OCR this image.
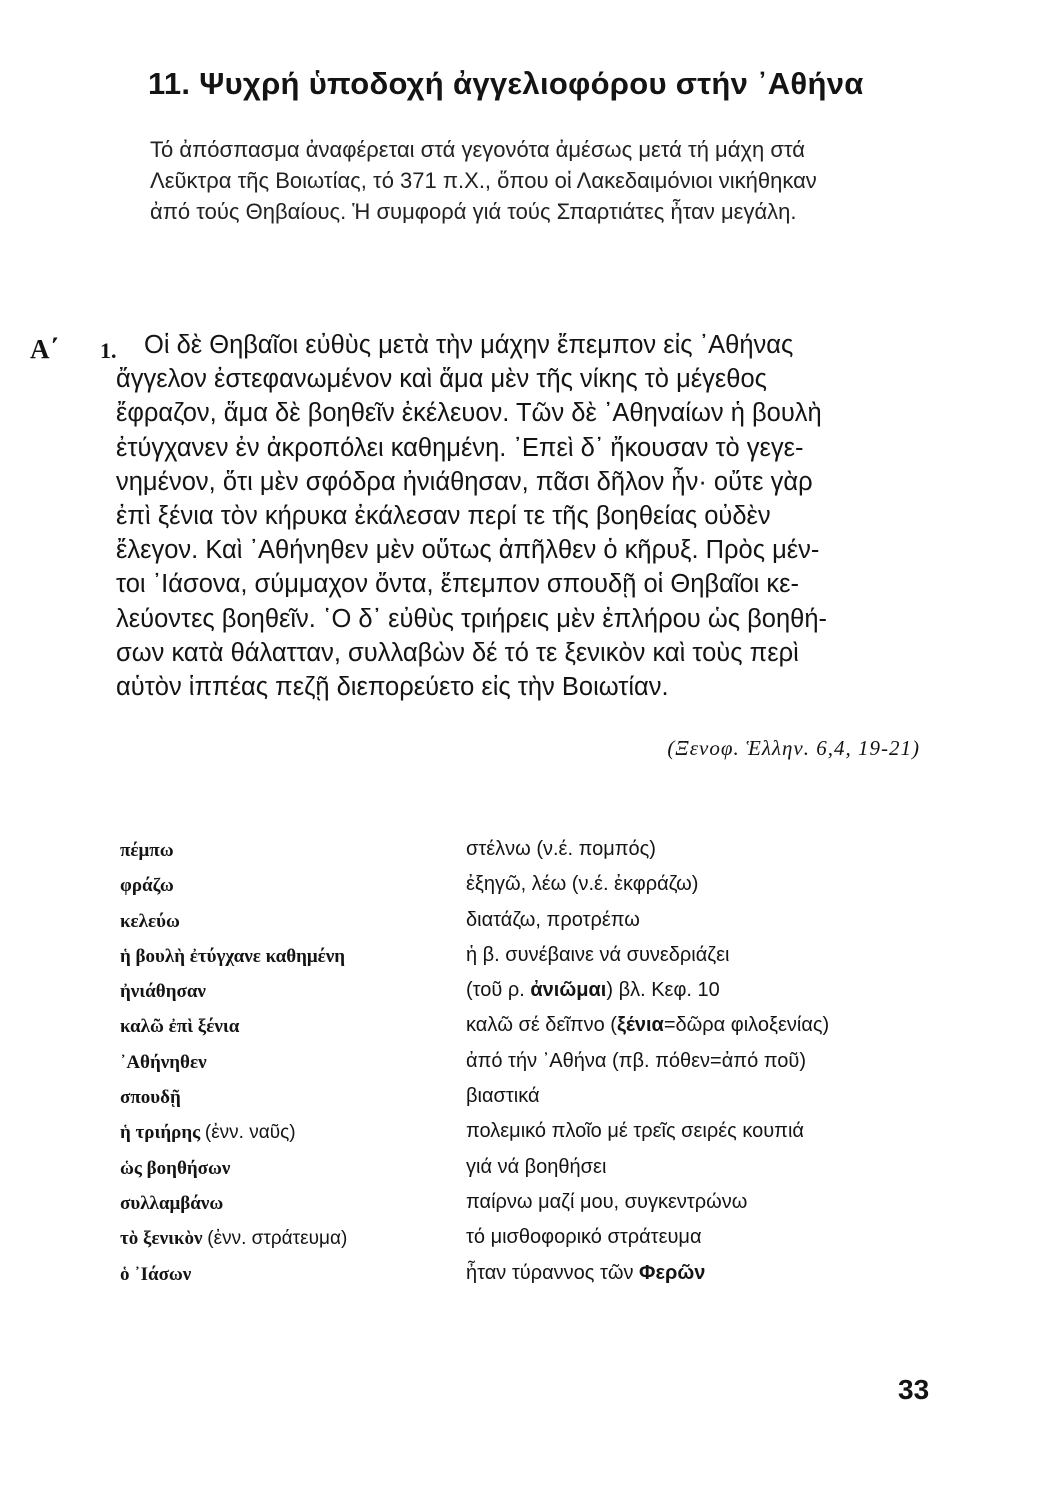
11. Ψυχρή ὑποδοχή ἀγγελιοφόρου στήν ᾿Αθήνα
Τό ἀπόσπασμα ἀναφέρεται στά γεγονότα ἀμέσως μετά τή μάχη στά
Λεῦκτρα τῆς Βοιωτίας, τό 371 π.Χ., ὅπου οἱ Λακεδαιμόνιοι νικήθηκαν
ἀπό τούς Θηβαίους. Ἡ συμφορά γιά τούς Σπαρτιάτες ἦταν μεγάλη.
Α΄ 1.	Οἱ δὲ Θηβαῖοι εὐθὺς μετὰ τὴν μάχην ἔπεμπον εἰς ᾿Αθήνας
ἄγγελον ἐστεφανωμένον καὶ ἅμα μὲν τῆς νίκης τὸ μέγεθος
ἔφραζον, ἅμα δὲ βοηθεῖν ἐκέλευον. Τῶν δὲ ᾿Αθηναίων ἡ βουλὴ
ἐτύγχανεν ἐν ἀκροπόλει καθημένη. ᾿Επεὶ δ᾿ ἤκουσαν τὸ γεγε-
νημένον, ὅτι μὲν σφόδρα ἠνιάθησαν, πᾶσι δῆλον ἦν· οὔτε γὰρ
ἐπὶ ξένια τὸν κήρυκα ἐκάλεσαν περί τε τῆς βοηθείας οὐδὲν
ἔλεγον. Καὶ ᾿Αθήνηθεν μὲν οὕτως ἀπῆλθεν ὁ κῆρυξ. Πρὸς μέν-
τοι ᾿Ιάσονα, σύμμαχον ὄντα, ἔπεμπον σπουδῇ οἱ Θηβαῖοι κε-
λεύοντες βοηθεῖν. ῾Ο δ᾿ εὐθὺς τριήρεις μὲν ἐπλήρου ὡς βοηθή-
σων κατὰ θάλατταν, συλλαβὼν δέ τό τε ξενικὸν καὶ τοὺς περὶ
αὑτὸν ἱππέας πεζῇ διεπορεύετο εἰς τὴν Βοιωτίαν.
(Ξενοφ. Ἑλλην. 6,4, 19-21)
πέμπω	στέλνω (ν.έ. πομπός)
φράζω	ἐξηγῶ, λέω (ν.έ. ἐκφράζω)
κελεύω	διατάζω, προτρέπω
ἡ βουλὴ ἐτύγχανε καθημένη	ἡ β. συνέβαινε νά συνεδριάζει
ἠνιάθησαν	(τοῦ ρ. ἀνιῶμαι) βλ. Κεφ. 10
καλῶ ἐπὶ ξένια	καλῶ σέ δεῖπνο (ξένια=δῶρα φιλοξενίας)
᾿Αθήνηθεν	ἀπό τήν ᾿Αθήνα (πβ. πόθεν=ἀπό ποῦ)
σπουδῇ	βιαστικά
ἡ τριήρης (ἐνν. ναῦς)	πολεμικό πλοῖο μέ τρεῖς σειρές κουπιά
ὡς βοηθήσων	γιά νά βοηθήσει
συλλαμβάνω	παίρνω μαζί μου, συγκεντρώνω
τὸ ξενικὸν (ἐνν. στράτευμα)	τό μισθοφορικό στράτευμα
ὁ ᾿Ιάσων	ἦταν τύραννος τῶν Φερῶν
33
